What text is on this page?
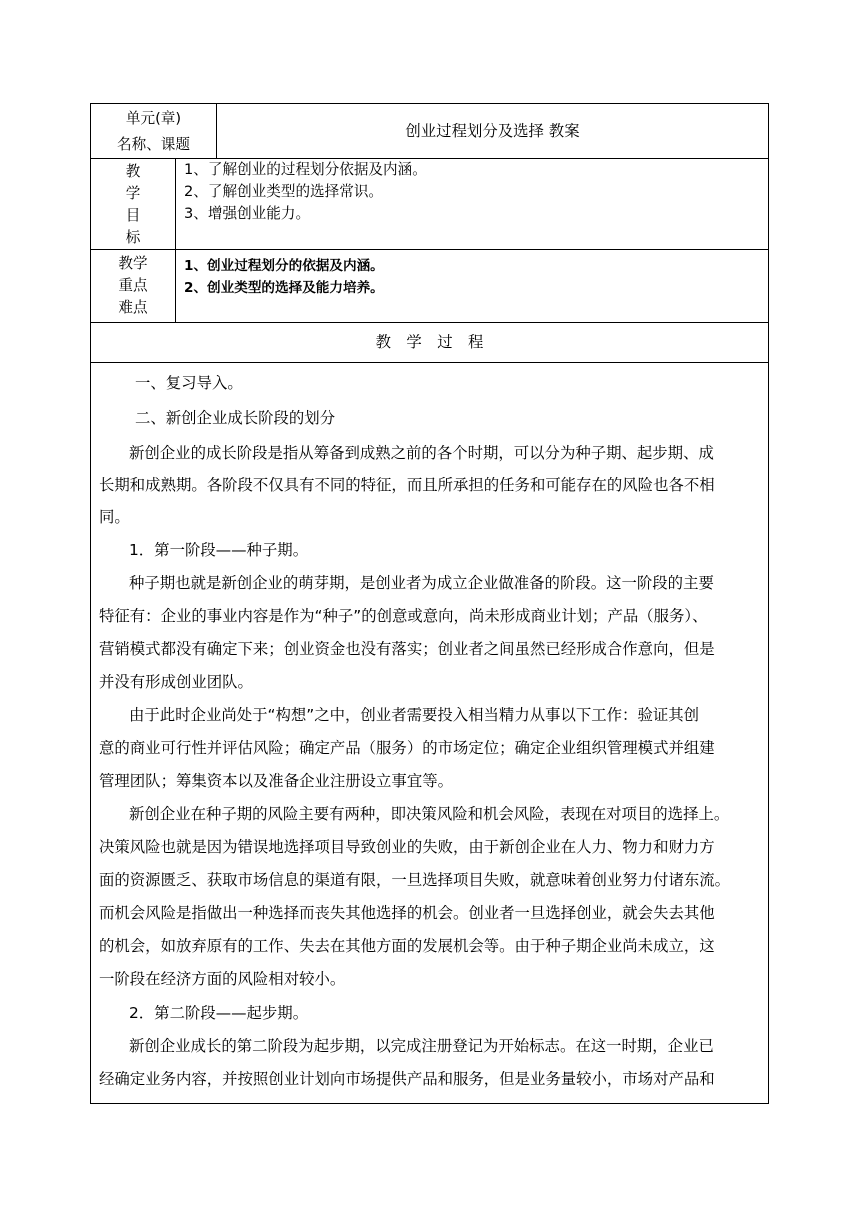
单元(章)
名称、课题
创业过程划分及选择 教案
教
学
目
标
1、了解创业的过程划分依据及内涵。
2、了解创业类型的选择常识。
3、增强创业能力。
教学
重点
难点
1、创业过程划分的依据及内涵。
2、创业类型的选择及能力培养。
教　学　过　程

一、复习导入。

二、新创企业成长阶段的划分

新创企业的成长阶段是指从筹备到成熟之前的各个时期，可以分为种子期、起步期、成

长期和成熟期。各阶段不仅具有不同的特征，而且所承担的任务和可能存在的风险也各不相

同。

1．第一阶段——种子期。

种子期也就是新创企业的萌芽期，是创业者为成立企业做准备的阶段。这一阶段的主要

特征有：企业的事业内容是作为“种子”的创意或意向，尚未形成商业计划；产品（服务）、

营销模式都没有确定下来；创业资金也没有落实；创业者之间虽然已经形成合作意向，但是

并没有形成创业团队。

由于此时企业尚处于“构想”之中，创业者需要投入相当精力从事以下工作：验证其创

意的商业可行性并评估风险；确定产品（服务）的市场定位；确定企业组织管理模式并组建

管理团队；筹集资本以及准备企业注册设立事宜等。

新创企业在种子期的风险主要有两种，即决策风险和机会风险，表现在对项目的选择上。

决策风险也就是因为错误地选择项目导致创业的失败，由于新创企业在人力、物力和财力方

面的资源匮乏、获取市场信息的渠道有限，一旦选择项目失败，就意味着创业努力付诸东流。

而机会风险是指做出一种选择而丧失其他选择的机会。创业者一旦选择创业，就会失去其他

的机会，如放弃原有的工作、失去在其他方面的发展机会等。由于种子期企业尚未成立，这

一阶段在经济方面的风险相对较小。

2．第二阶段——起步期。

新创企业成长的第二阶段为起步期，以完成注册登记为开始标志。在这一时期，企业已

经确定业务内容，并按照创业计划向市场提供产品和服务，但是业务量较小，市场对产品和
